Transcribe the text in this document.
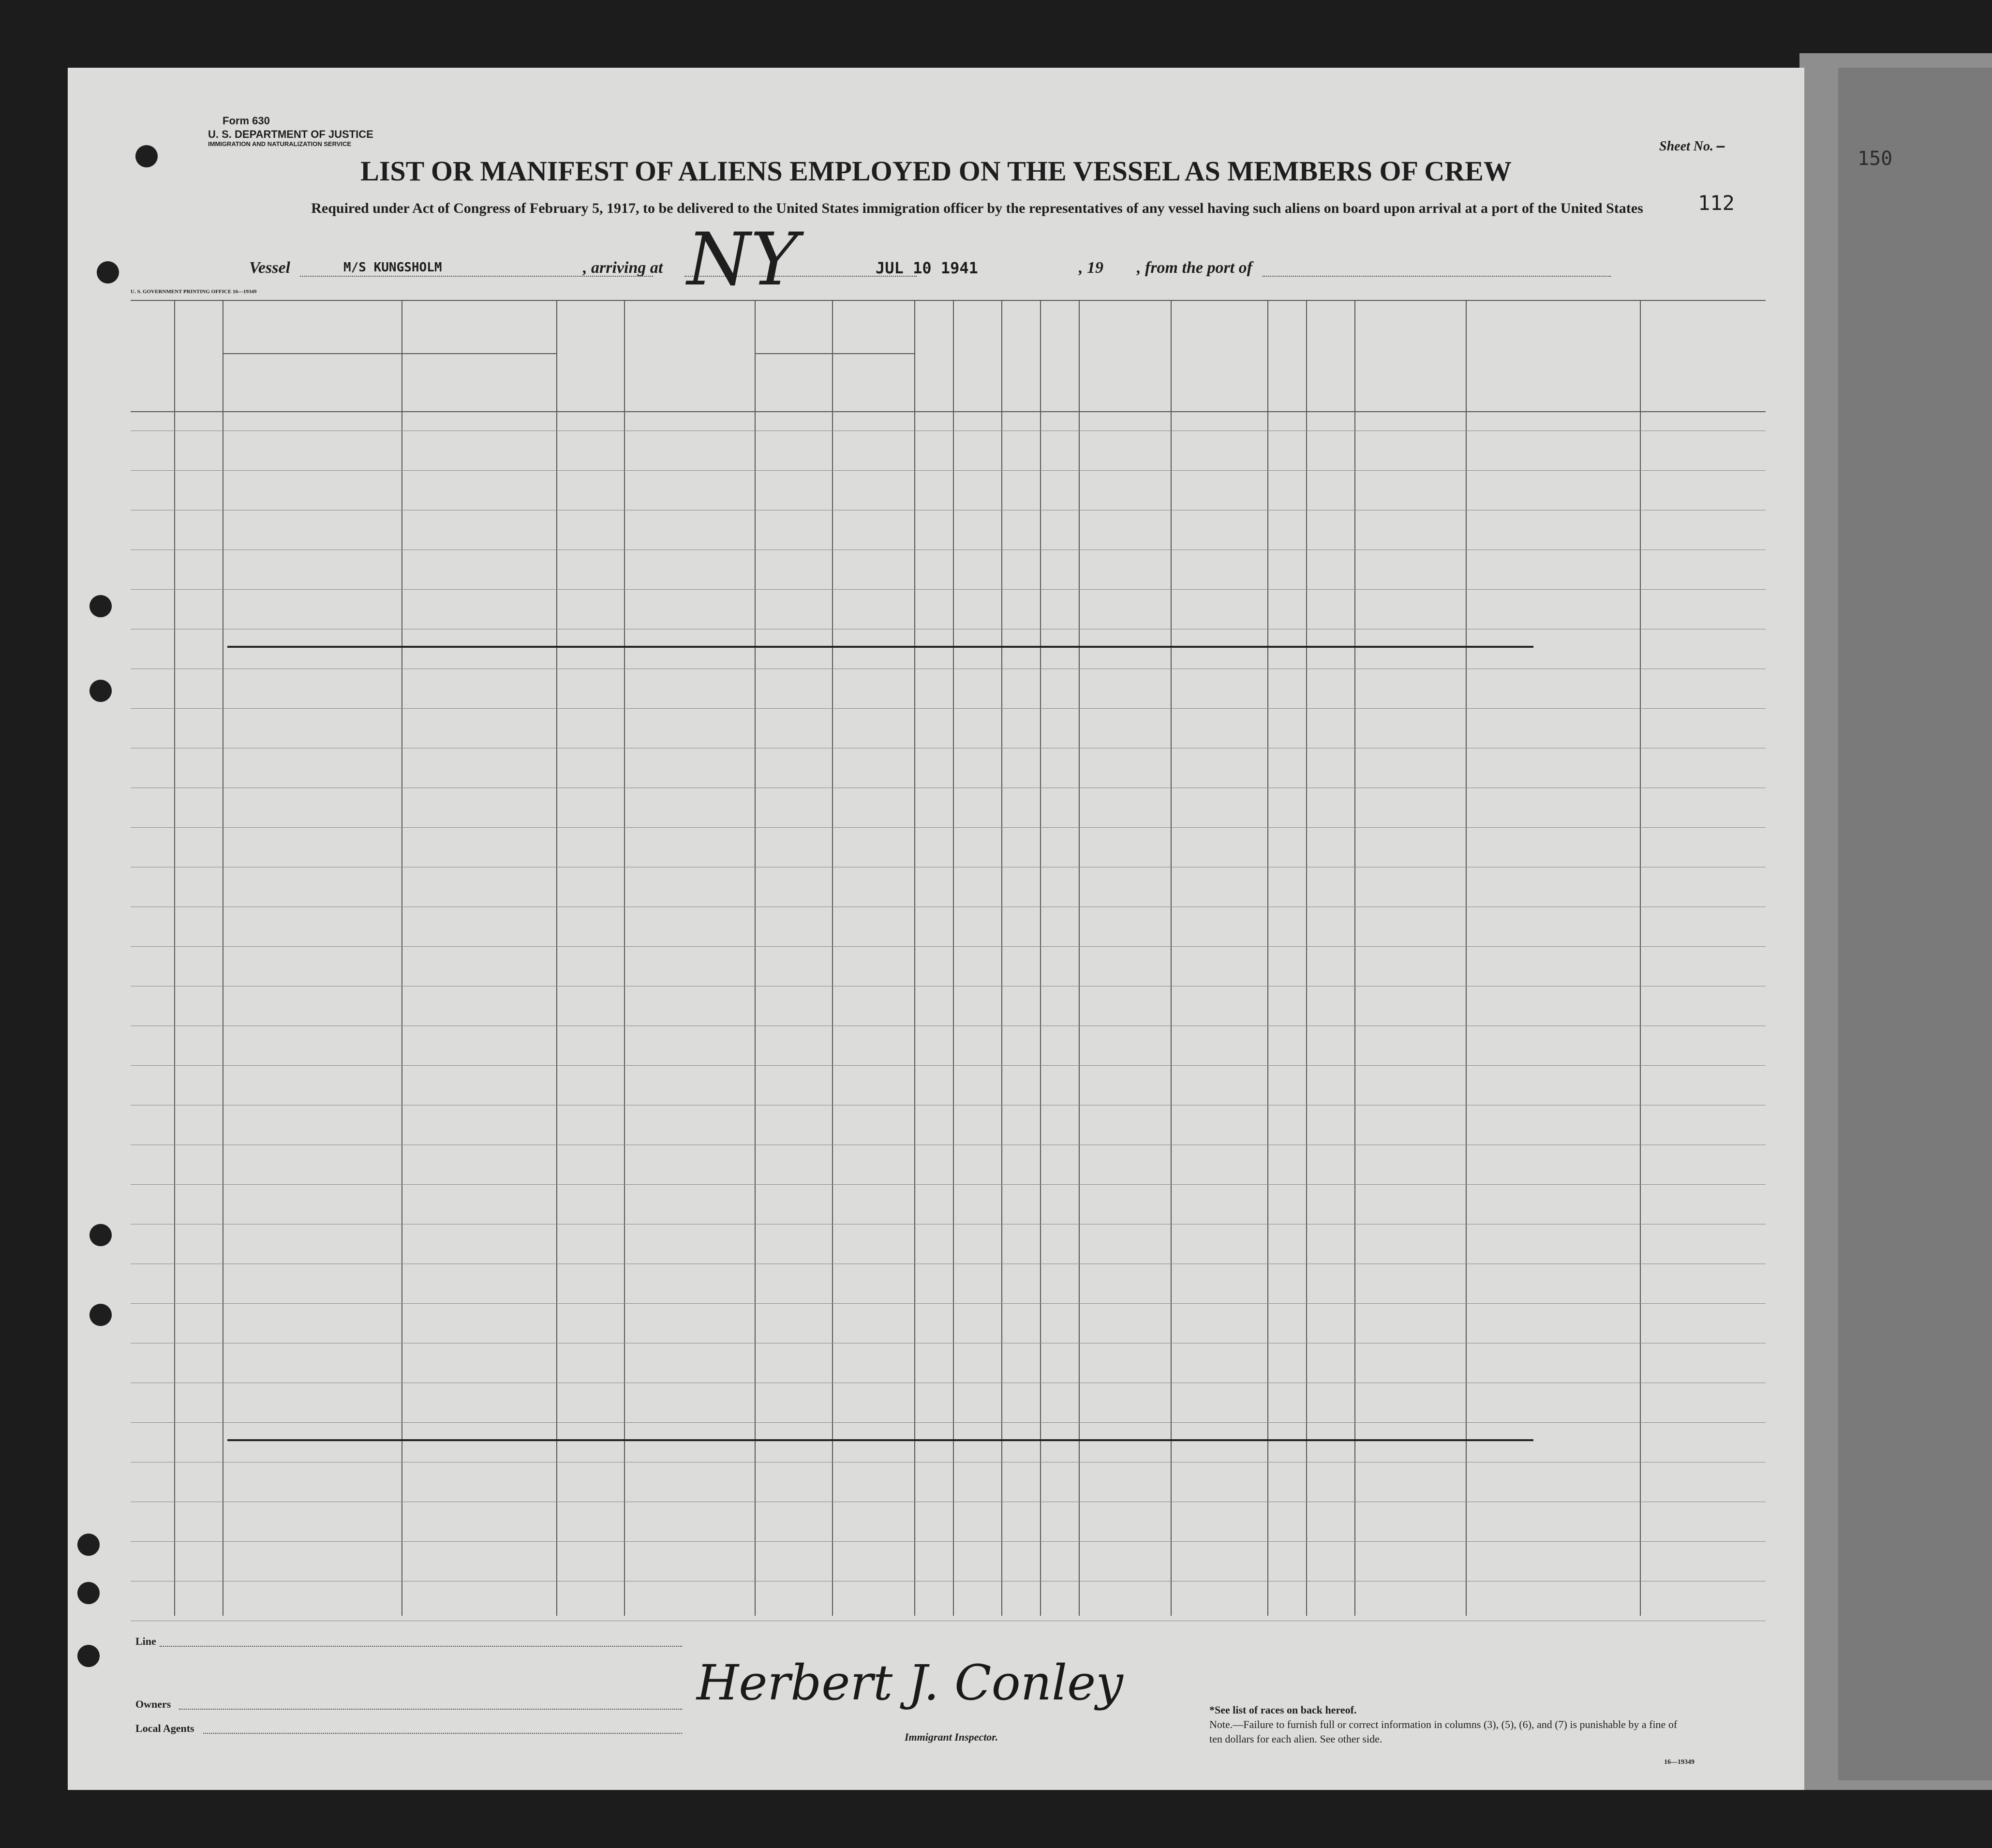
150
Form 630
U. S. DEPARTMENT OF JUSTICE
IMMIGRATION AND NATURALIZATION SERVICE	Sheet No. –
LIST OR MANIFEST OF ALIENS EMPLOYED ON THE VESSEL AS MEMBERS OF CREW
Required under Act of Congress of February 5, 1917, to be delivered to the United States immigration officer by the representatives of any vessel having such aliens on board upon arrival at a port of the United States	112
Vessel	M/S KUNGSHOLM	, arriving at NY	JUL 10 1941	, 19 , from the port of
U. S. GOVERNMENT PRINTING OFFICE 16—19349
Line
Owners
Local Agents
Herbert J. Conley
Immigrant Inspector.
*See list of races on back hereof.
Note.—Failure to furnish full or correct information in columns (3), (5), (6), and (7) is punishable by a fine of ten dollars for each alien. See other side.
16—19349
